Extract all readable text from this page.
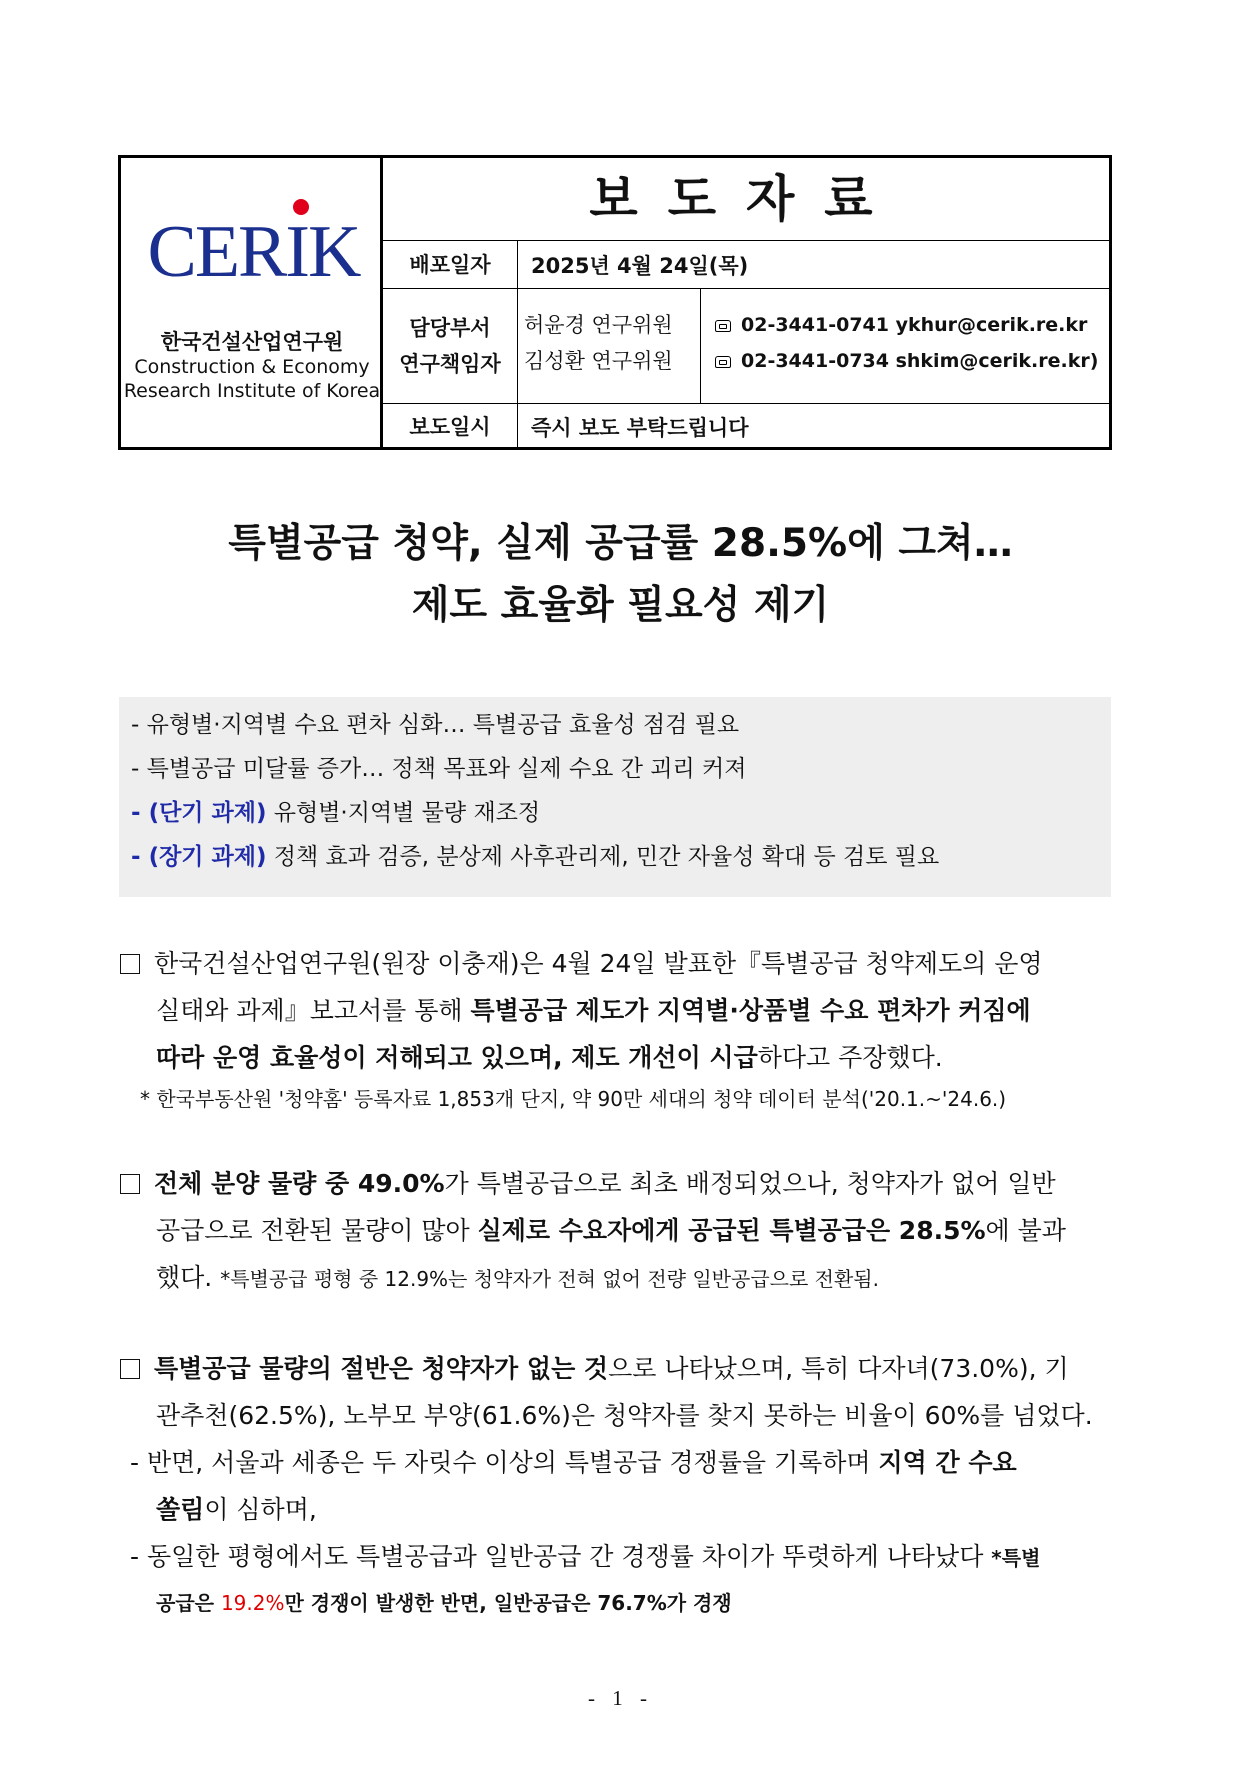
CERIK
한국건설산업연구원
Construction & Economy
Research Institute of Korea
보도자료
배포일자	2025년 4월 24일(목)
담당부서
연구책임자
허윤경 연구위원
김성환 연구위원
02-3441-0741 ykhur@cerik.re.kr
02-3441-0734 shkim@cerik.re.kr)
보도일시	즉시 보도 부탁드립니다
특별공급 청약, 실제 공급률 28.5%에 그쳐…
제도 효율화 필요성 제기
- 유형별·지역별 수요 편차 심화… 특별공급 효율성 점검 필요
- 특별공급 미달률 증가… 정책 목표와 실제 수요 간 괴리 커져
- (단기 과제) 유형별·지역별 물량 재조정
- (장기 과제) 정책 효과 검증, 분상제 사후관리제, 민간 자율성 확대 등 검토 필요
한국건설산업연구원(원장 이충재)은 4월 24일 발표한『특별공급 청약제도의 운영
실태와 과제』보고서를 통해 특별공급 제도가 지역별·상품별 수요 편차가 커짐에
따라 운영 효율성이 저해되고 있으며, 제도 개선이 시급하다고 주장했다.
* 한국부동산원 '청약홈' 등록자료 1,853개 단지, 약 90만 세대의 청약 데이터 분석('20.1.~'24.6.)
전체 분양 물량 중 49.0%가 특별공급으로 최초 배정되었으나, 청약자가 없어 일반
공급으로 전환된 물량이 많아 실제로 수요자에게 공급된 특별공급은 28.5%에 불과
했다. *특별공급 평형 중 12.9%는 청약자가 전혀 없어 전량 일반공급으로 전환됨.
특별공급 물량의 절반은 청약자가 없는 것으로 나타났으며, 특히 다자녀(73.0%), 기
관추천(62.5%), 노부모 부양(61.6%)은 청약자를 찾지 못하는 비율이 60%를 넘었다.
- 반면, 서울과 세종은 두 자릿수 이상의 특별공급 경쟁률을 기록하며 지역 간 수요
쏠림이 심하며,
- 동일한 평형에서도 특별공급과 일반공급 간 경쟁률 차이가 뚜렷하게 나타났다 *특별
공급은 19.2%만 경쟁이 발생한 반면, 일반공급은 76.7%가 경쟁
- 1 -
